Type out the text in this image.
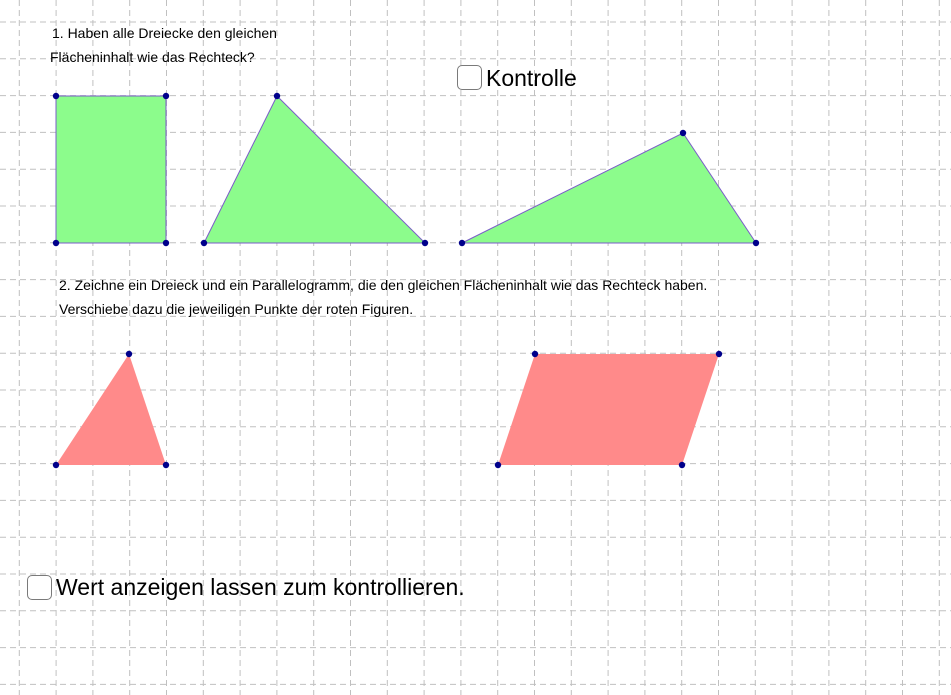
1. Haben alle Dreiecke den gleichen
Flächeninhalt wie das Rechteck?
Kontrolle
2. Zeichne ein Dreieck und ein Parallelogramm, die den gleichen Flächeninhalt wie das Rechteck haben.
Verschiebe dazu die jeweiligen Punkte der roten Figuren.
Wert anzeigen lassen zum kontrollieren.
